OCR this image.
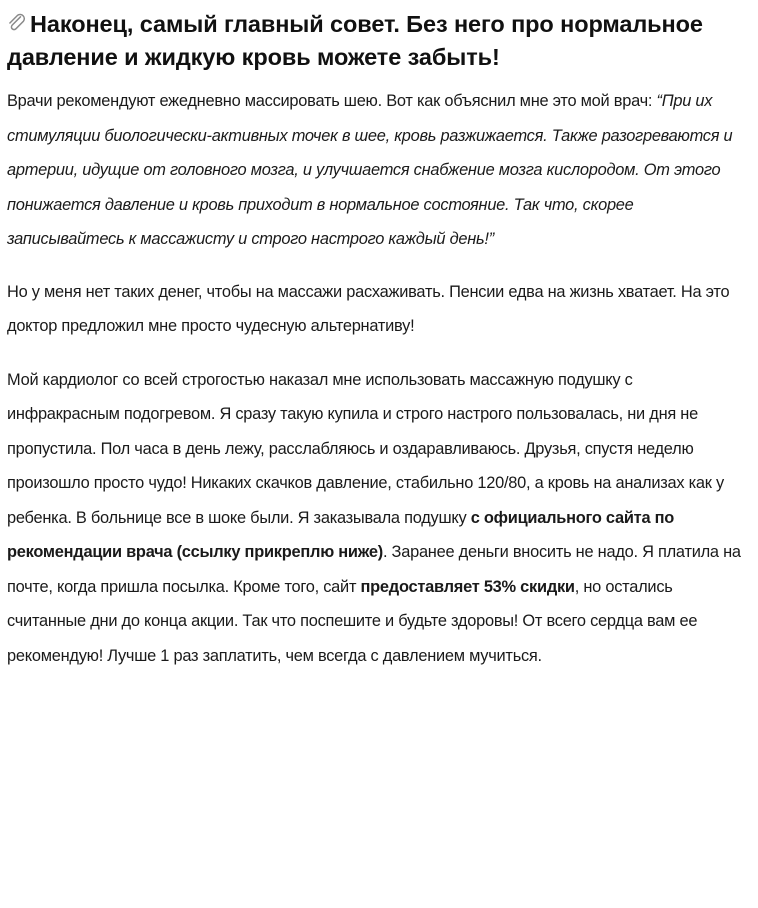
Наконец, самый главный совет. Без него про нормальное давление и жидкую кровь можете забыть!

Врачи рекомендуют ежедневно массировать шею. Вот как объяснил мне это мой врач: “При их стимуляции биологически-активных точек в шее, кровь разжижается. Также разогреваются и артерии, идущие от головного мозга, и улучшается снабжение мозга кислородом. От этого понижается давление и кровь приходит в нормальное состояние. Так что, скорее записывайтесь к массажисту и строго настрого каждый день!”

Но у меня нет таких денег, чтобы на массажи расхаживать. Пенсии едва на жизнь хватает. На это доктор предложил мне просто чудесную альтернативу!

Мой кардиолог со всей строгостью наказал мне использовать массажную подушку с инфракрасным подогревом. Я сразу такую купила и строго настрого пользовалась, ни дня не пропустила. Пол часа в день лежу, расслабляюсь и оздаравливаюсь. Друзья, спустя неделю произошло просто чудо! Никаких скачков давление, стабильно 120/80, а кровь на анализах как у ребенка. В больнице все в шоке были. Я заказывала подушку с официального сайта по рекомендации врача (ссылку прикреплю ниже). Заранее деньги вносить не надо. Я платила на почте, когда пришла посылка. Кроме того, сайт предоставляет 53% скидки, но остались считанные дни до конца акции. Так что поспешите и будьте здоровы! От всего сердца вам ее рекомендую! Лучше 1 раз заплатить, чем всегда с давлением мучиться.
